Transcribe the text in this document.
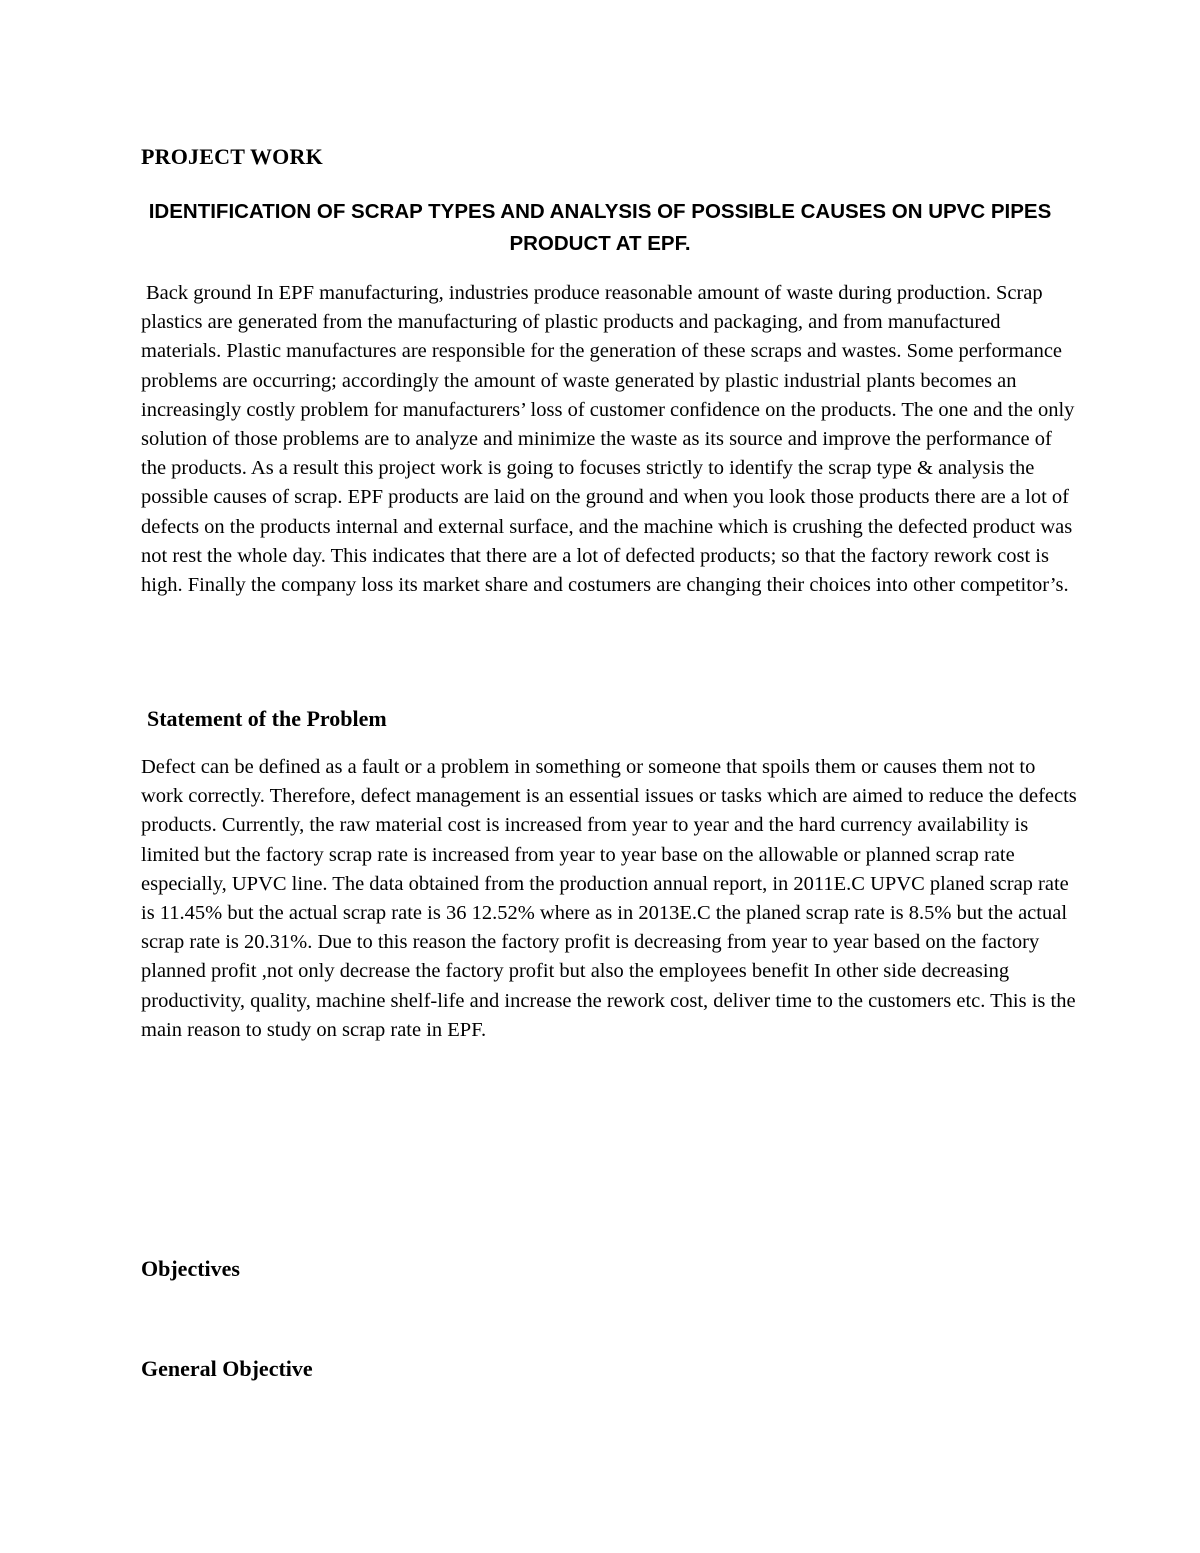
PROJECT WORK
IDENTIFICATION OF SCRAP TYPES AND ANALYSIS OF POSSIBLE CAUSES ON UPVC PIPES PRODUCT AT EPF.

Back ground In EPF manufacturing, industries produce reasonable amount of waste during production. Scrap plastics are generated from the manufacturing of plastic products and packaging, and from manufactured materials. Plastic manufactures are responsible for the generation of these scraps and wastes. Some performance problems are occurring; accordingly the amount of waste generated by plastic industrial plants becomes an increasingly costly problem for manufacturers’ loss of customer confidence on the products. The one and the only solution of those problems are to analyze and minimize the waste as its source and improve the performance of the products. As a result this project work is going to focuses strictly to identify the scrap type & analysis the possible causes of scrap. EPF products are laid on the ground and when you look those products there are a lot of defects on the products internal and external surface, and the machine which is crushing the defected product was not rest the whole day. This indicates that there are a lot of defected products; so that the factory rework cost is high. Finally the company loss its market share and costumers are changing their choices into other competitor’s.

Statement of the Problem

Defect can be defined as a fault or a problem in something or someone that spoils them or causes them not to work correctly. Therefore, defect management is an essential issues or tasks which are aimed to reduce the defects products. Currently, the raw material cost is increased from year to year and the hard currency availability is limited but the factory scrap rate is increased from year to year base on the allowable or planned scrap rate especially, UPVC line. The data obtained from the production annual report, in 2011E.C UPVC planed scrap rate is 11.45% but the actual scrap rate is 36 12.52% where as in 2013E.C the planed scrap rate is 8.5% but the actual scrap rate is 20.31%. Due to this reason the factory profit is decreasing from year to year based on the factory planned profit ,not only decrease the factory profit but also the employees benefit In other side decreasing productivity, quality, machine shelf-life and increase the rework cost, deliver time to the customers etc. This is the main reason to study on scrap rate in EPF.

Objectives
General Objective
